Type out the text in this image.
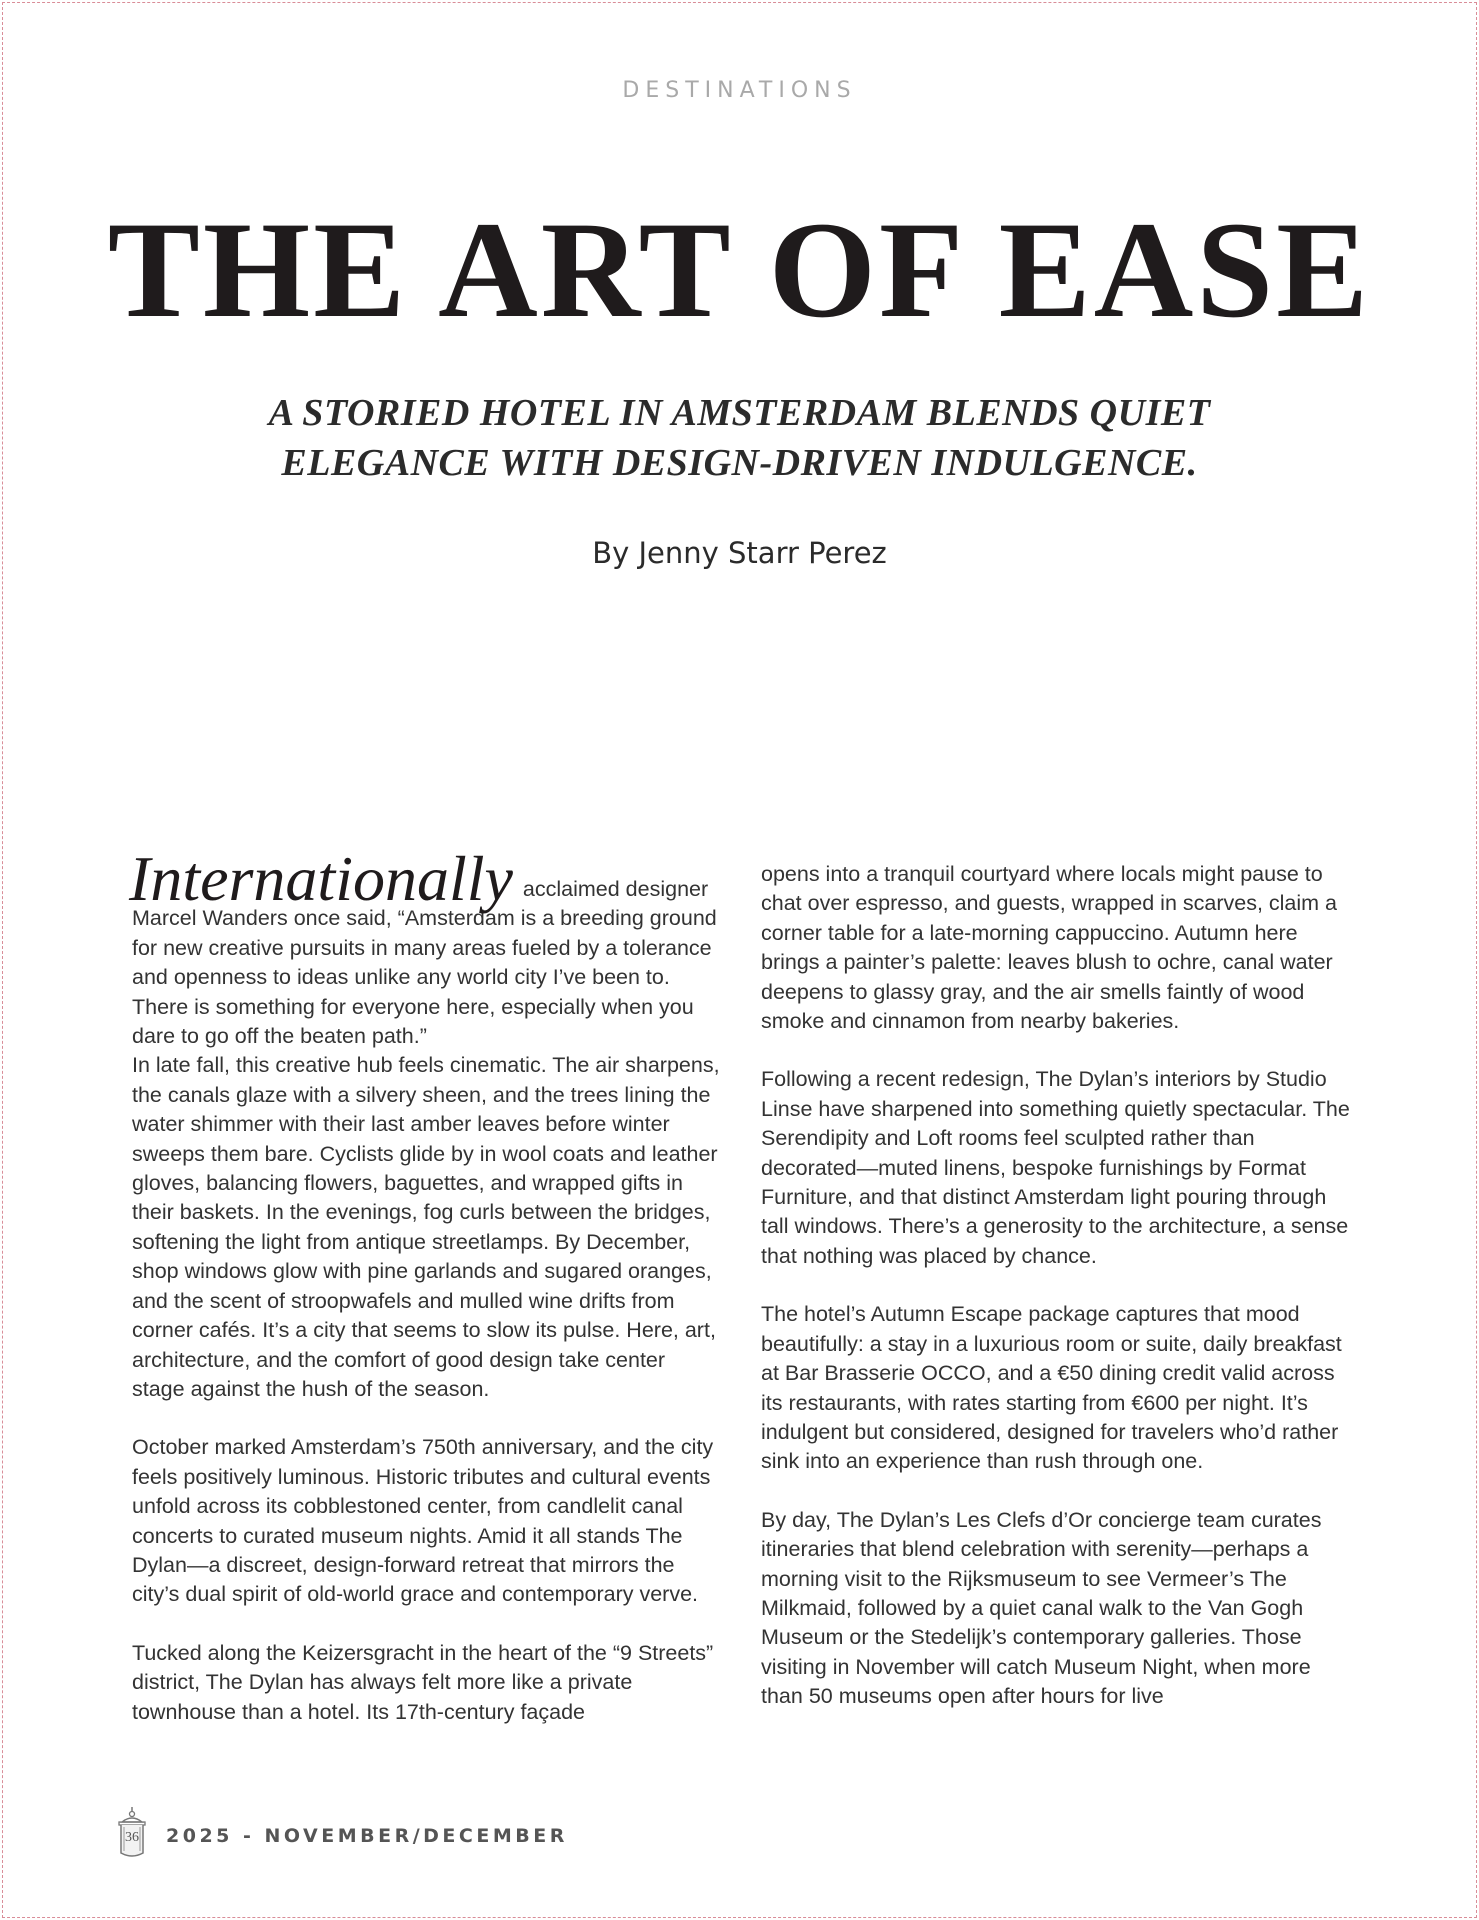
DESTINATIONS
THE ART OF EASE
A STORIED HOTEL IN AMSTERDAM BLENDS QUIET
ELEGANCE WITH DESIGN-DRIVEN INDULGENCE.
By Jenny Starr Perez

Internationally acclaimed designer Marcel Wanders once said, “Amsterdam is a breeding ground for new creative pursuits in many areas fueled by a tolerance and openness to ideas unlike any world city I’ve been to. There is something for everyone here, especially when you dare to go off the beaten path.”

In late fall, this creative hub feels cinematic. The air sharpens, the canals glaze with a silvery sheen, and the trees lining the water shimmer with their last amber leaves before winter sweeps them bare. Cyclists glide by in wool coats and leather gloves, balancing flowers, baguettes, and wrapped gifts in their baskets. In the evenings, fog curls between the bridges, softening the light from antique streetlamps. By December, shop windows glow with pine garlands and sugared oranges, and the scent of stroopwafels and mulled wine drifts from corner cafés. It’s a city that seems to slow its pulse. Here, art, architecture, and the comfort of good design take center stage against the hush of the season.

October marked Amsterdam’s 750th anniversary, and the city feels positively luminous. Historic tributes and cultural events unfold across its cobblestoned center, from candlelit canal concerts to curated museum nights. Amid it all stands The Dylan—a discreet, design-forward retreat that mirrors the city’s dual spirit of old-world grace and contemporary verve.

Tucked along the Keizersgracht in the heart of the “9 Streets” district, The Dylan has always felt more like a private townhouse than a hotel. Its 17th-century façade

opens into a tranquil courtyard where locals might pause to chat over espresso, and guests, wrapped in scarves, claim a corner table for a late-morning cappuccino. Autumn here brings a painter’s palette: leaves blush to ochre, canal water deepens to glassy gray, and the air smells faintly of wood smoke and cinnamon from nearby bakeries.

Following a recent redesign, The Dylan’s interiors by Studio Linse have sharpened into something quietly spectacular. The Serendipity and Loft rooms feel sculpted rather than decorated—muted linens, bespoke furnishings by Format Furniture, and that distinct Amsterdam light pouring through tall windows. There’s a generosity to the architecture, a sense that nothing was placed by chance.

The hotel’s Autumn Escape package captures that mood beautifully: a stay in a luxurious room or suite, daily breakfast at Bar Brasserie OCCO, and a €50 dining credit valid across its restaurants, with rates starting from €600 per night. It’s indulgent but considered, designed for travelers who’d rather sink into an experience than rush through one.

By day, The Dylan’s Les Clefs d’Or concierge team curates itineraries that blend celebration with serenity—perhaps a morning visit to the Rijksmuseum to see Vermeer’s The Milkmaid, followed by a quiet canal walk to the Van Gogh Museum or the Stedelijk’s contemporary galleries. Those visiting in November will catch Museum Night, when more than 50 museums open after hours for live

36	2025 - NOVEMBER/DECEMBER
